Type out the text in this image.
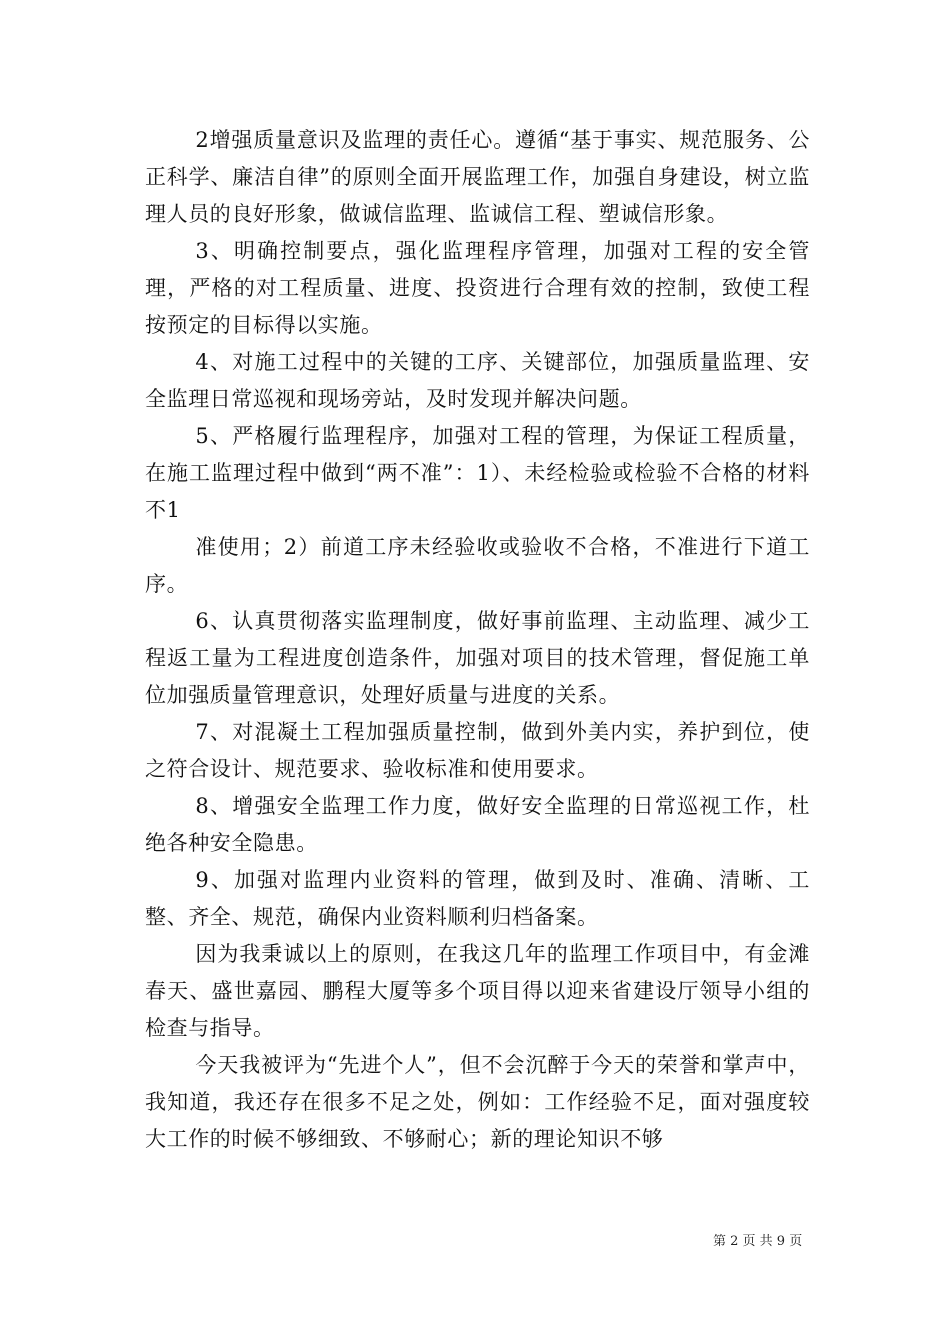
2增强质量意识及监理的责任心。遵循“基于事实、规范服务、公正科学、廉洁自律”的原则全面开展监理工作，加强自身建设，树立监理人员的良好形象，做诚信监理、监诚信工程、塑诚信形象。

3、明确控制要点，强化监理程序管理，加强对工程的安全管理，严格的对工程质量、进度、投资进行合理有效的控制，致使工程按预定的目标得以实施。

4、对施工过程中的关键的工序、关键部位，加强质量监理、安全监理日常巡视和现场旁站，及时发现并解决问题。

5、严格履行监理程序，加强对工程的管理，为保证工程质量，在施工监理过程中做到“两不准”：1）、未经检验或检验不合格的材料不1

准使用；2）前道工序未经验收或验收不合格，不准进行下道工序。

6、认真贯彻落实监理制度，做好事前监理、主动监理、减少工程返工量为工程进度创造条件，加强对项目的技术管理，督促施工单位加强质量管理意识，处理好质量与进度的关系。

7、对混凝土工程加强质量控制，做到外美内实，养护到位，使之符合设计、规范要求、验收标准和使用要求。

8、增强安全监理工作力度，做好安全监理的日常巡视工作，杜绝各种安全隐患。

9、加强对监理内业资料的管理，做到及时、准确、清晰、工整、齐全、规范，确保内业资料顺利归档备案。

因为我秉诚以上的原则，在我这几年的监理工作项目中，有金滩春天、盛世嘉园、鹏程大厦等多个项目得以迎来省建设厅领导小组的检查与指导。

今天我被评为“先进个人”，但不会沉醉于今天的荣誉和掌声中，我知道，我还存在很多不足之处，例如：工作经验不足，面对强度较大工作的时候不够细致、不够耐心；新的理论知识不够

第 2 页 共 9 页
